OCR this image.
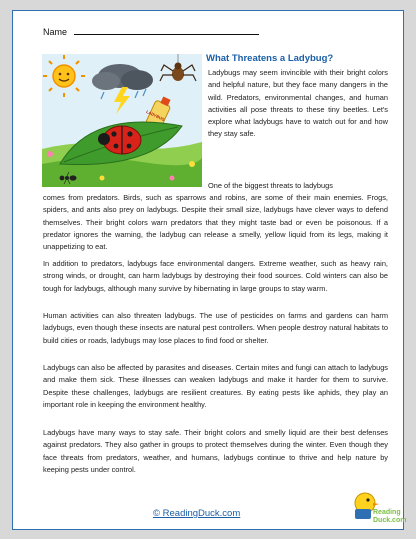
Name
LADYBUG
What Threatens a Ladybug?

Ladybugs may seem invincible with their bright colors and helpful nature, but they face many dangers in the wild. Predators, environmental changes, and human activities all pose threats to these tiny beetles. Let's explore what ladybugs have to watch out for and how they stay safe.

One of the biggest threats to ladybugs

comes from predators. Birds, such as sparrows and robins, are some of their main enemies. Frogs, spiders, and ants also prey on ladybugs. Despite their small size, ladybugs have clever ways to defend themselves. Their bright colors warn predators that they might taste bad or even be poisonous. If a predator ignores the warning, the ladybug can release a smelly, yellow liquid from its legs, making it unappetizing to eat.

In addition to predators, ladybugs face environmental dangers. Extreme weather, such as heavy rain, strong winds, or drought, can harm ladybugs by destroying their food sources. Cold winters can also be tough for ladybugs, although many survive by hibernating in large groups to stay warm.

Human activities can also threaten ladybugs. The use of pesticides on farms and gardens can harm ladybugs, even though these insects are natural pest controllers. When people destroy natural habitats to build cities or roads, ladybugs may lose places to find food or shelter.

Ladybugs can also be affected by parasites and diseases. Certain mites and fungi can attach to ladybugs and make them sick. These illnesses can weaken ladybugs and make it harder for them to survive. Despite these challenges, ladybugs are resilient creatures. By eating pests like aphids, they play an important role in keeping the environment healthy.

Ladybugs have many ways to stay safe. Their bright colors and smelly liquid are their best defenses against predators. They also gather in groups to protect themselves during the winter. Even though they face threats from predators, weather, and humans, ladybugs continue to thrive and help nature by keeping pests under control.

© ReadingDuck.com	Reading
Duck.com
